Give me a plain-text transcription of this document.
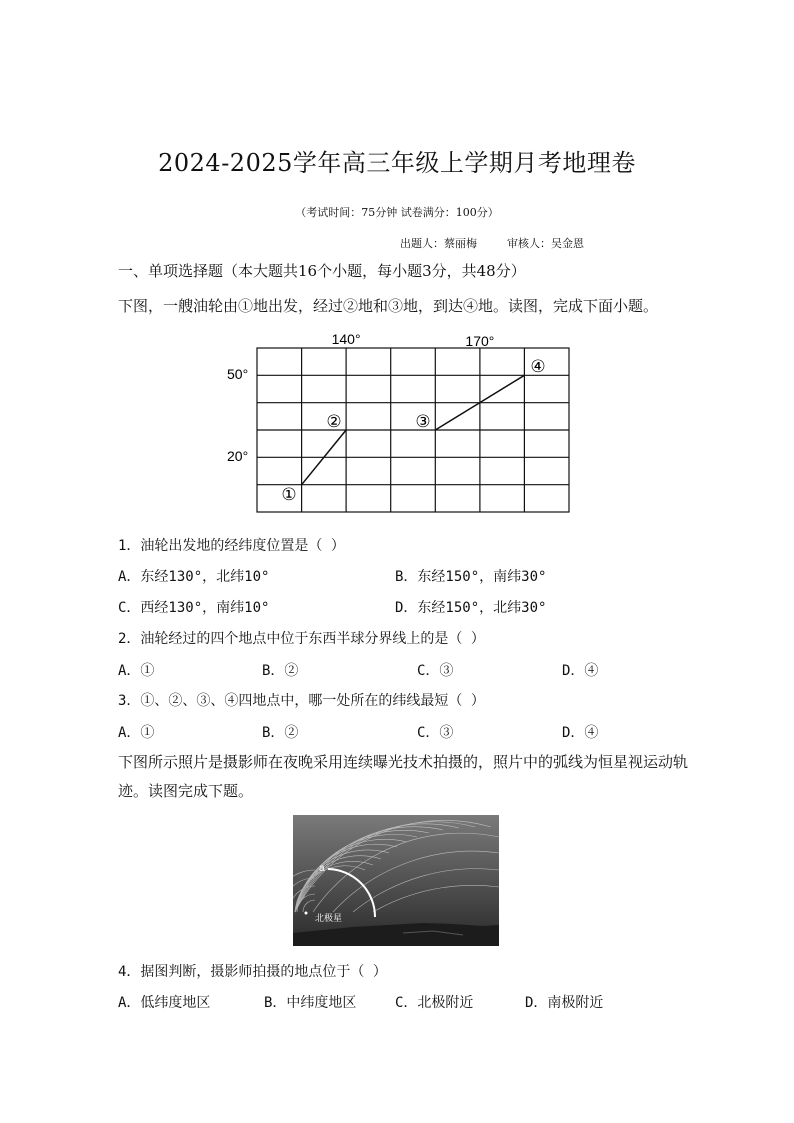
2024-2025学年高三年级上学期月考地理卷
（考试时间：75分钟 试卷满分：100分）
出题人：蔡丽梅	审核人：吴金恩
一、单项选择题（本大题共16个小题，每小题3分，共48分）
下图，一艘油轮由①地出发，经过②地和③地，到达④地。读图，完成下面小题。
140°	170°
50°
20°
①
②	③
④
1．油轮出发地的经纬度位置是（ ）
A．东经130°，北纬10°	B．东经150°，南纬30°
C．西经130°，南纬10°	D．东经150°，北纬30°
2．油轮经过的四个地点中位于东西半球分界线上的是（ ）
A．①	B．②	C．③	D．④
3．①、②、③、④四地点中，哪一处所在的纬线最短（ ）
A．①	B．②	C．③	D．④
下图所示照片是摄影师在夜晚采用连续曝光技术拍摄的，照片中的弧线为恒星视运动轨迹。读图完成下题。
a
北极星
4．据图判断，摄影师拍摄的地点位于（ ）
A．低纬度地区	B．中纬度地区	C．北极附近	D．南极附近
